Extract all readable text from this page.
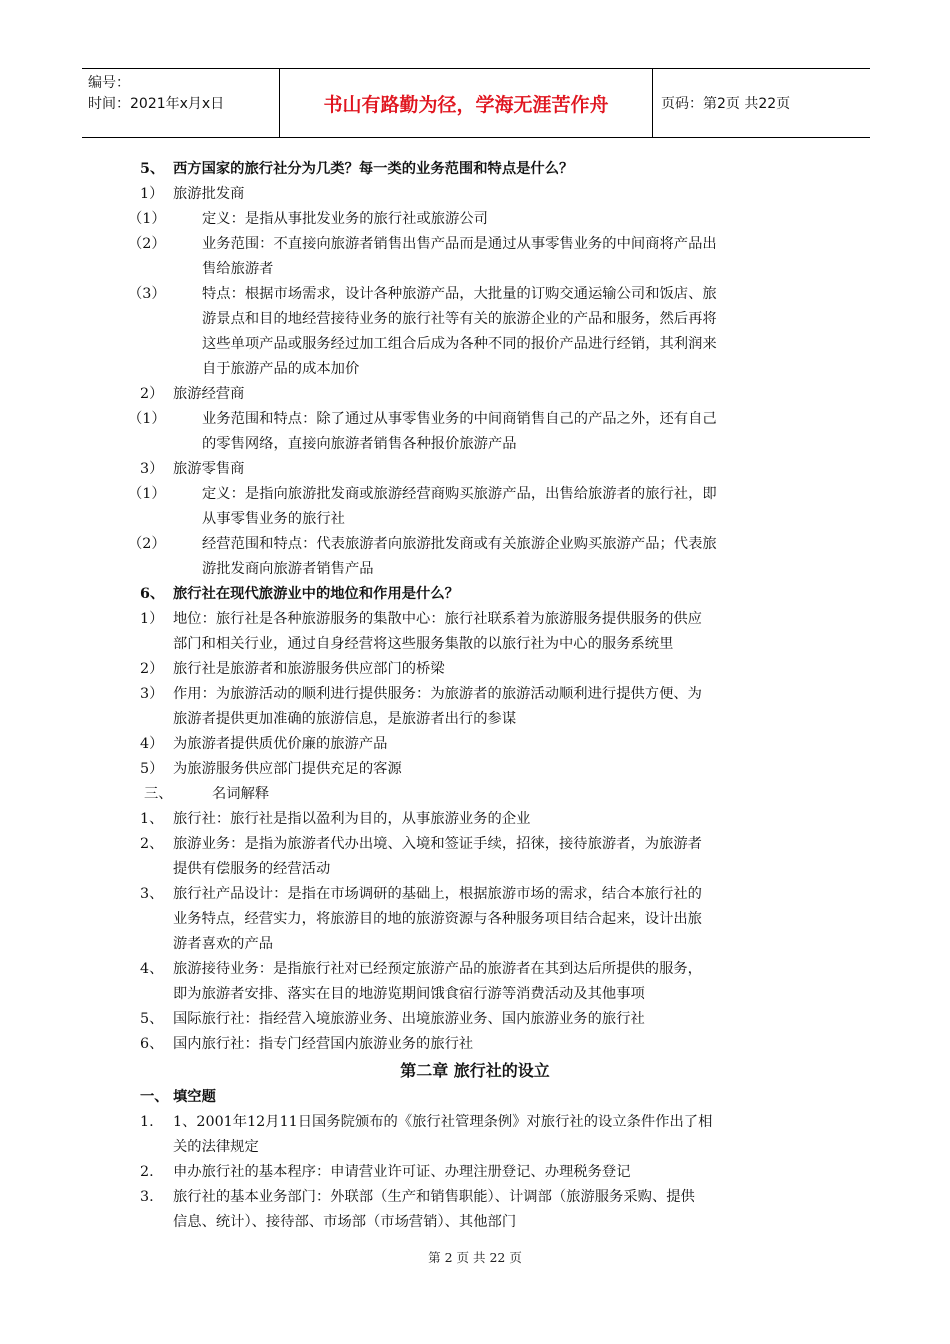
编号：
时间：2021年x月x日	书山有路勤为径，学海无涯苦作舟	页码：第2页 共22页
5、 西方国家的旅行社分为几类？每一类的业务范围和特点是什么？
1） 旅游批发商
（1）	定义：是指从事批发业务的旅行社或旅游公司
（2）	业务范围：不直接向旅游者销售出售产品而是通过从事零售业务的中间商将产品出
售给旅游者
（3）	特点：根据市场需求，设计各种旅游产品，大批量的订购交通运输公司和饭店、旅
游景点和目的地经营接待业务的旅行社等有关的旅游企业的产品和服务，然后再将
这些单项产品或服务经过加工组合后成为各种不同的报价产品进行经销，其利润来
自于旅游产品的成本加价
2） 旅游经营商
（1）	业务范围和特点：除了通过从事零售业务的中间商销售自己的产品之外，还有自己
的零售网络，直接向旅游者销售各种报价旅游产品
3） 旅游零售商
（1）	定义：是指向旅游批发商或旅游经营商购买旅游产品，出售给旅游者的旅行社，即
从事零售业务的旅行社
（2）	经营范围和特点：代表旅游者向旅游批发商或有关旅游企业购买旅游产品；代表旅
游批发商向旅游者销售产品
6、 旅行社在现代旅游业中的地位和作用是什么？
1） 地位：旅行社是各种旅游服务的集散中心：旅行社联系着为旅游服务提供服务的供应
部门和相关行业，通过自身经营将这些服务集散的以旅行社为中心的服务系统里
2） 旅行社是旅游者和旅游服务供应部门的桥梁
3） 作用：为旅游活动的顺利进行提供服务：为旅游者的旅游活动顺利进行提供方便、为
旅游者提供更加准确的旅游信息，是旅游者出行的参谋
4） 为旅游者提供质优价廉的旅游产品
5） 为旅游服务供应部门提供充足的客源
三、	名词解释
1、 旅行社：旅行社是指以盈利为目的，从事旅游业务的企业
2、 旅游业务：是指为旅游者代办出境、入境和签证手续，招徕，接待旅游者，为旅游者
提供有偿服务的经营活动
3、 旅行社产品设计：是指在市场调研的基础上，根据旅游市场的需求，结合本旅行社的
业务特点，经营实力，将旅游目的地的旅游资源与各种服务项目结合起来，设计出旅
游者喜欢的产品
4、 旅游接待业务：是指旅行社对已经预定旅游产品的旅游者在其到达后所提供的服务，
即为旅游者安排、落实在目的地游览期间饿食宿行游等消费活动及其他事项
5、 国际旅行社：指经营入境旅游业务、出境旅游业务、国内旅游业务的旅行社
6、 国内旅行社：指专门经营国内旅游业务的旅行社
第二章 旅行社的设立
一、 填空题
1. 1、2001年12月11日国务院颁布的《旅行社管理条例》对旅行社的设立条件作出了相
关的法律规定
2. 申办旅行社的基本程序：申请营业许可证、办理注册登记、办理税务登记
3. 旅行社的基本业务部门：外联部（生产和销售职能）、计调部（旅游服务采购、提供
信息、统计）、接待部、市场部（市场营销）、其他部门
第 2 页 共 22 页
